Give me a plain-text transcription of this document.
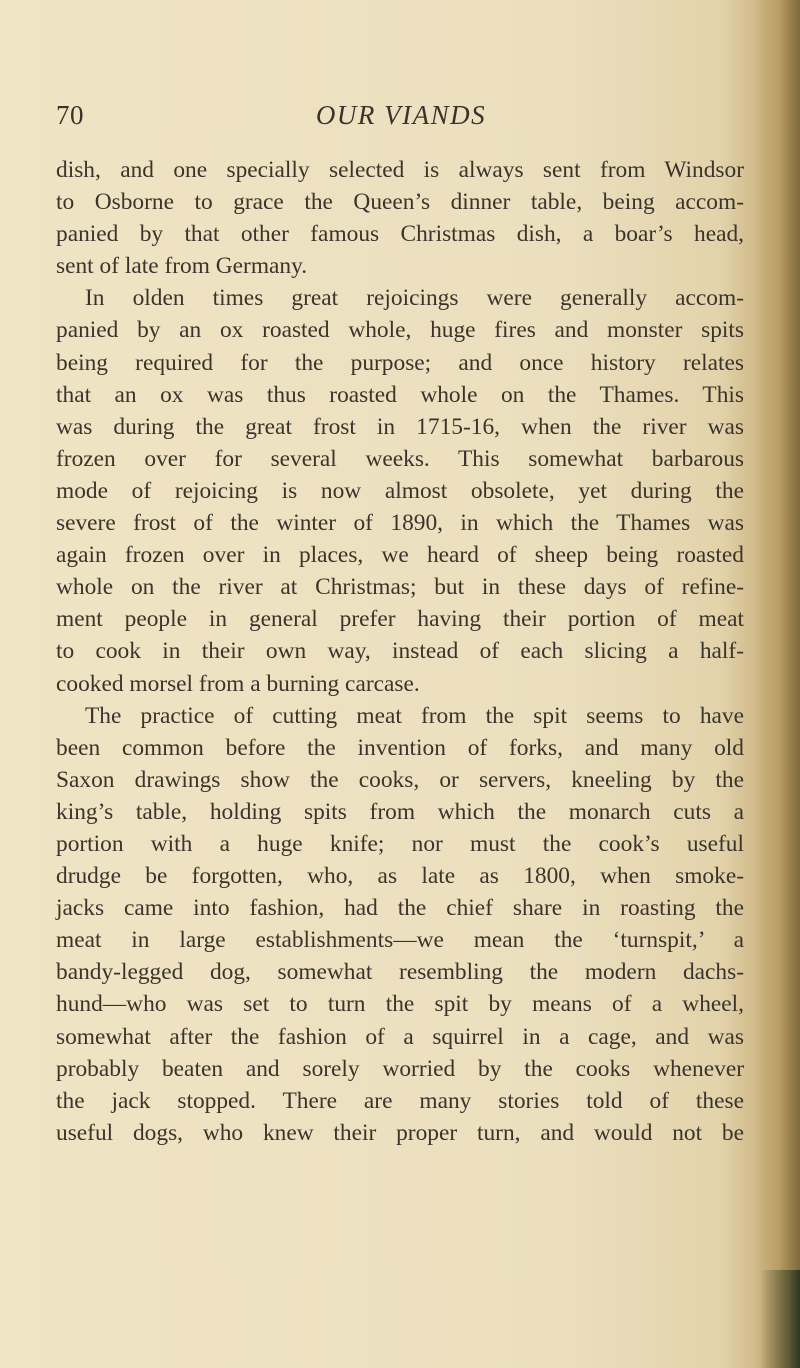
70	OUR VIANDS
dish, and one specially selected is always sent from Windsor
to Osborne to grace the Queen’s dinner table, being accom-
panied by that other famous Christmas dish, a boar’s head,
sent of late from Germany.
In olden times great rejoicings were generally accom-
panied by an ox roasted whole, huge fires and monster spits
being required for the purpose; and once history relates
that an ox was thus roasted whole on the Thames. This
was during the great frost in 1715-16, when the river was
frozen over for several weeks. This somewhat barbarous
mode of rejoicing is now almost obsolete, yet during the
severe frost of the winter of 1890, in which the Thames was
again frozen over in places, we heard of sheep being roasted
whole on the river at Christmas; but in these days of refine-
ment people in general prefer having their portion of meat
to cook in their own way, instead of each slicing a half-
cooked morsel from a burning carcase.
The practice of cutting meat from the spit seems to have
been common before the invention of forks, and many old
Saxon drawings show the cooks, or servers, kneeling by the
king’s table, holding spits from which the monarch cuts a
portion with a huge knife; nor must the cook’s useful
drudge be forgotten, who, as late as 1800, when smoke-
jacks came into fashion, had the chief share in roasting the
meat in large establishments—we mean the ‘turnspit,’ a
bandy-legged dog, somewhat resembling the modern dachs-
hund—who was set to turn the spit by means of a wheel,
somewhat after the fashion of a squirrel in a cage, and was
probably beaten and sorely worried by the cooks whenever
the jack stopped. There are many stories told of these
useful dogs, who knew their proper turn, and would not be
